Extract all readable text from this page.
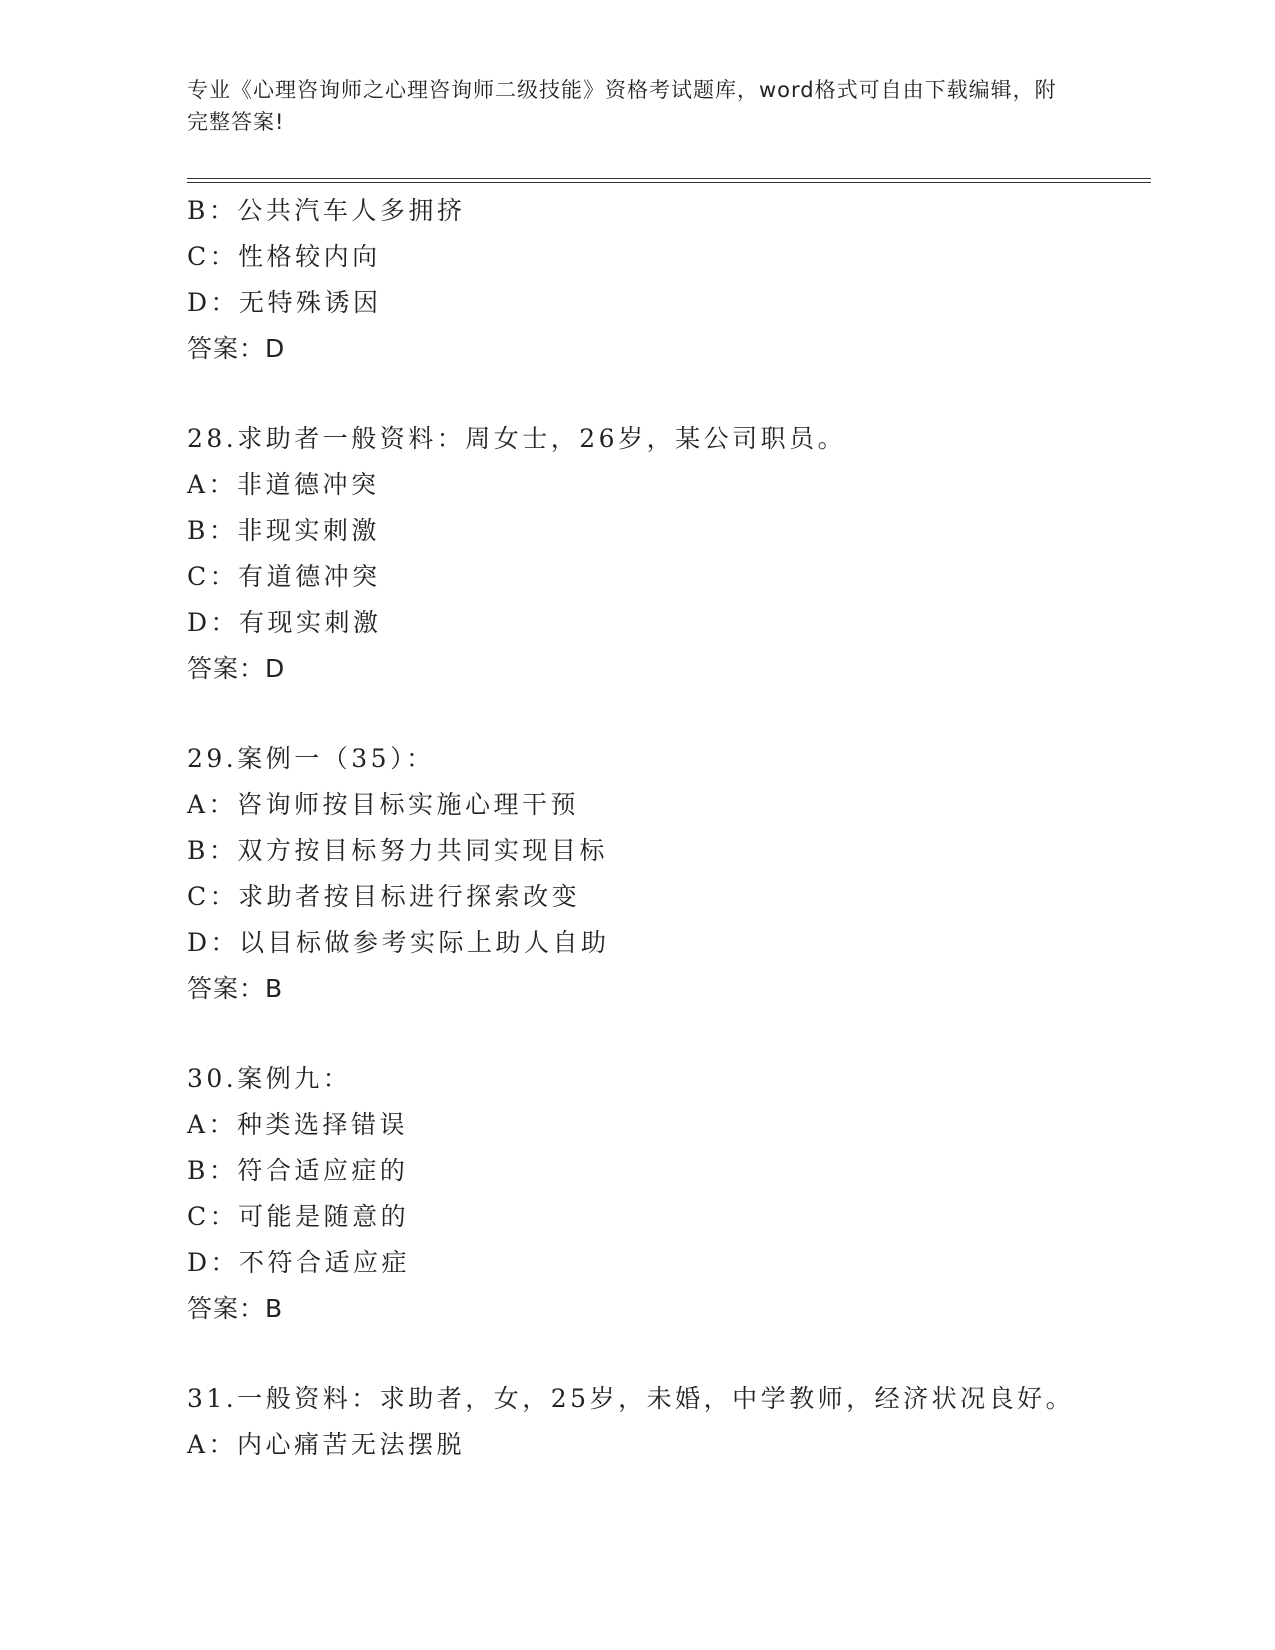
专业《心理咨询师之心理咨询师二级技能》资格考试题库，word格式可自由下载编辑，附完整答案!
B：公共汽车人多拥挤
C：性格较内向
D：无特殊诱因
答案：D
28.求助者一般资料：周女士，26岁，某公司职员。
A：非道德冲突
B：非现实刺激
C：有道德冲突
D：有现实刺激
答案：D
29.案例一（35）：
A：咨询师按目标实施心理干预
B：双方按目标努力共同实现目标
C：求助者按目标进行探索改变
D：以目标做参考实际上助人自助
答案：B
30.案例九：
A：种类选择错误
B：符合适应症的
C：可能是随意的
D：不符合适应症
答案：B
31.一般资料：求助者，女，25岁，未婚，中学教师，经济状况良好。
A：内心痛苦无法摆脱
